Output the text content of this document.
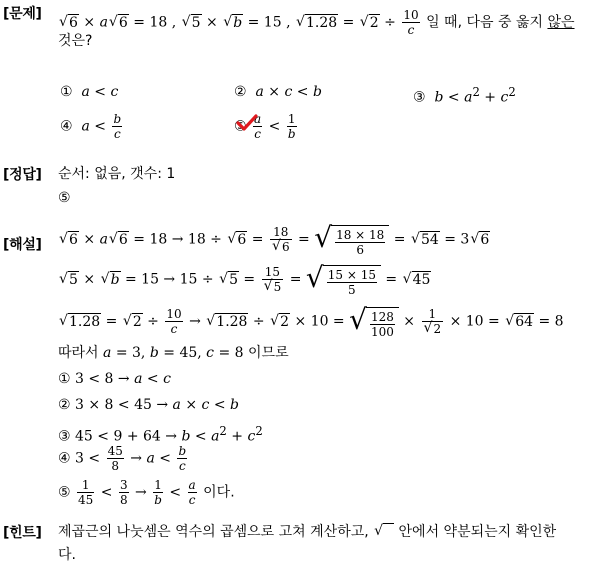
[문제]
√ 6 × a √ 6 = 18 , √ 5 × √ b = 15 , √ 1.28 = √ $2 \div \frac{10}{c}$ 일 때, 다음 중 옳지 않은
것은?
① a < c	② a × c < b	③ $b < a^2 + c^2$
④ $a < \frac{b}{c}$	⑤ $\frac{a}{c} < \frac{1}{b}$
[정답] 순서: 없음, 갯수: 1
⑤
[해설]	√ 6 × a √ 6 = 18 → 18 ÷ √ 6 = 18
√ 6 = √ $\frac{18 \times 18}{6}$ = √ 54 = 3 √ 6
√ 5 × √ b = 15 → 15 ÷ √ 5 = 15
√ 5 = √ $\frac{15 \times 15}{5}$ = √ 45
√ 1.28 = √ $2 \div \frac{10}{c}$ → √ 1.28 ÷ √ 2 × 10 = √ $\frac{128}{100} \times 1$
√ 2 × 10 = √ 64 = 8
따라서 a = 3, b = 45, c = 8 이므로
① 3 < 8 → a < c
② 3 × 8 < 45 → a × c < b
③ $45 < 9 + 64 \to b < a^2 + c^2$
④ $3 < \frac{45}{8} \to a < \frac{b}{c}$
⑤ $\frac{1}{45} < \frac{3}{8} \to \frac{1}{b} < \frac{a}{c}$ 이다.
[힌트] 제곱근의 나눗셈은 역수의 곱셈으로 고쳐 계산하고, √ 안에서 약분되는지 확인한
다.
